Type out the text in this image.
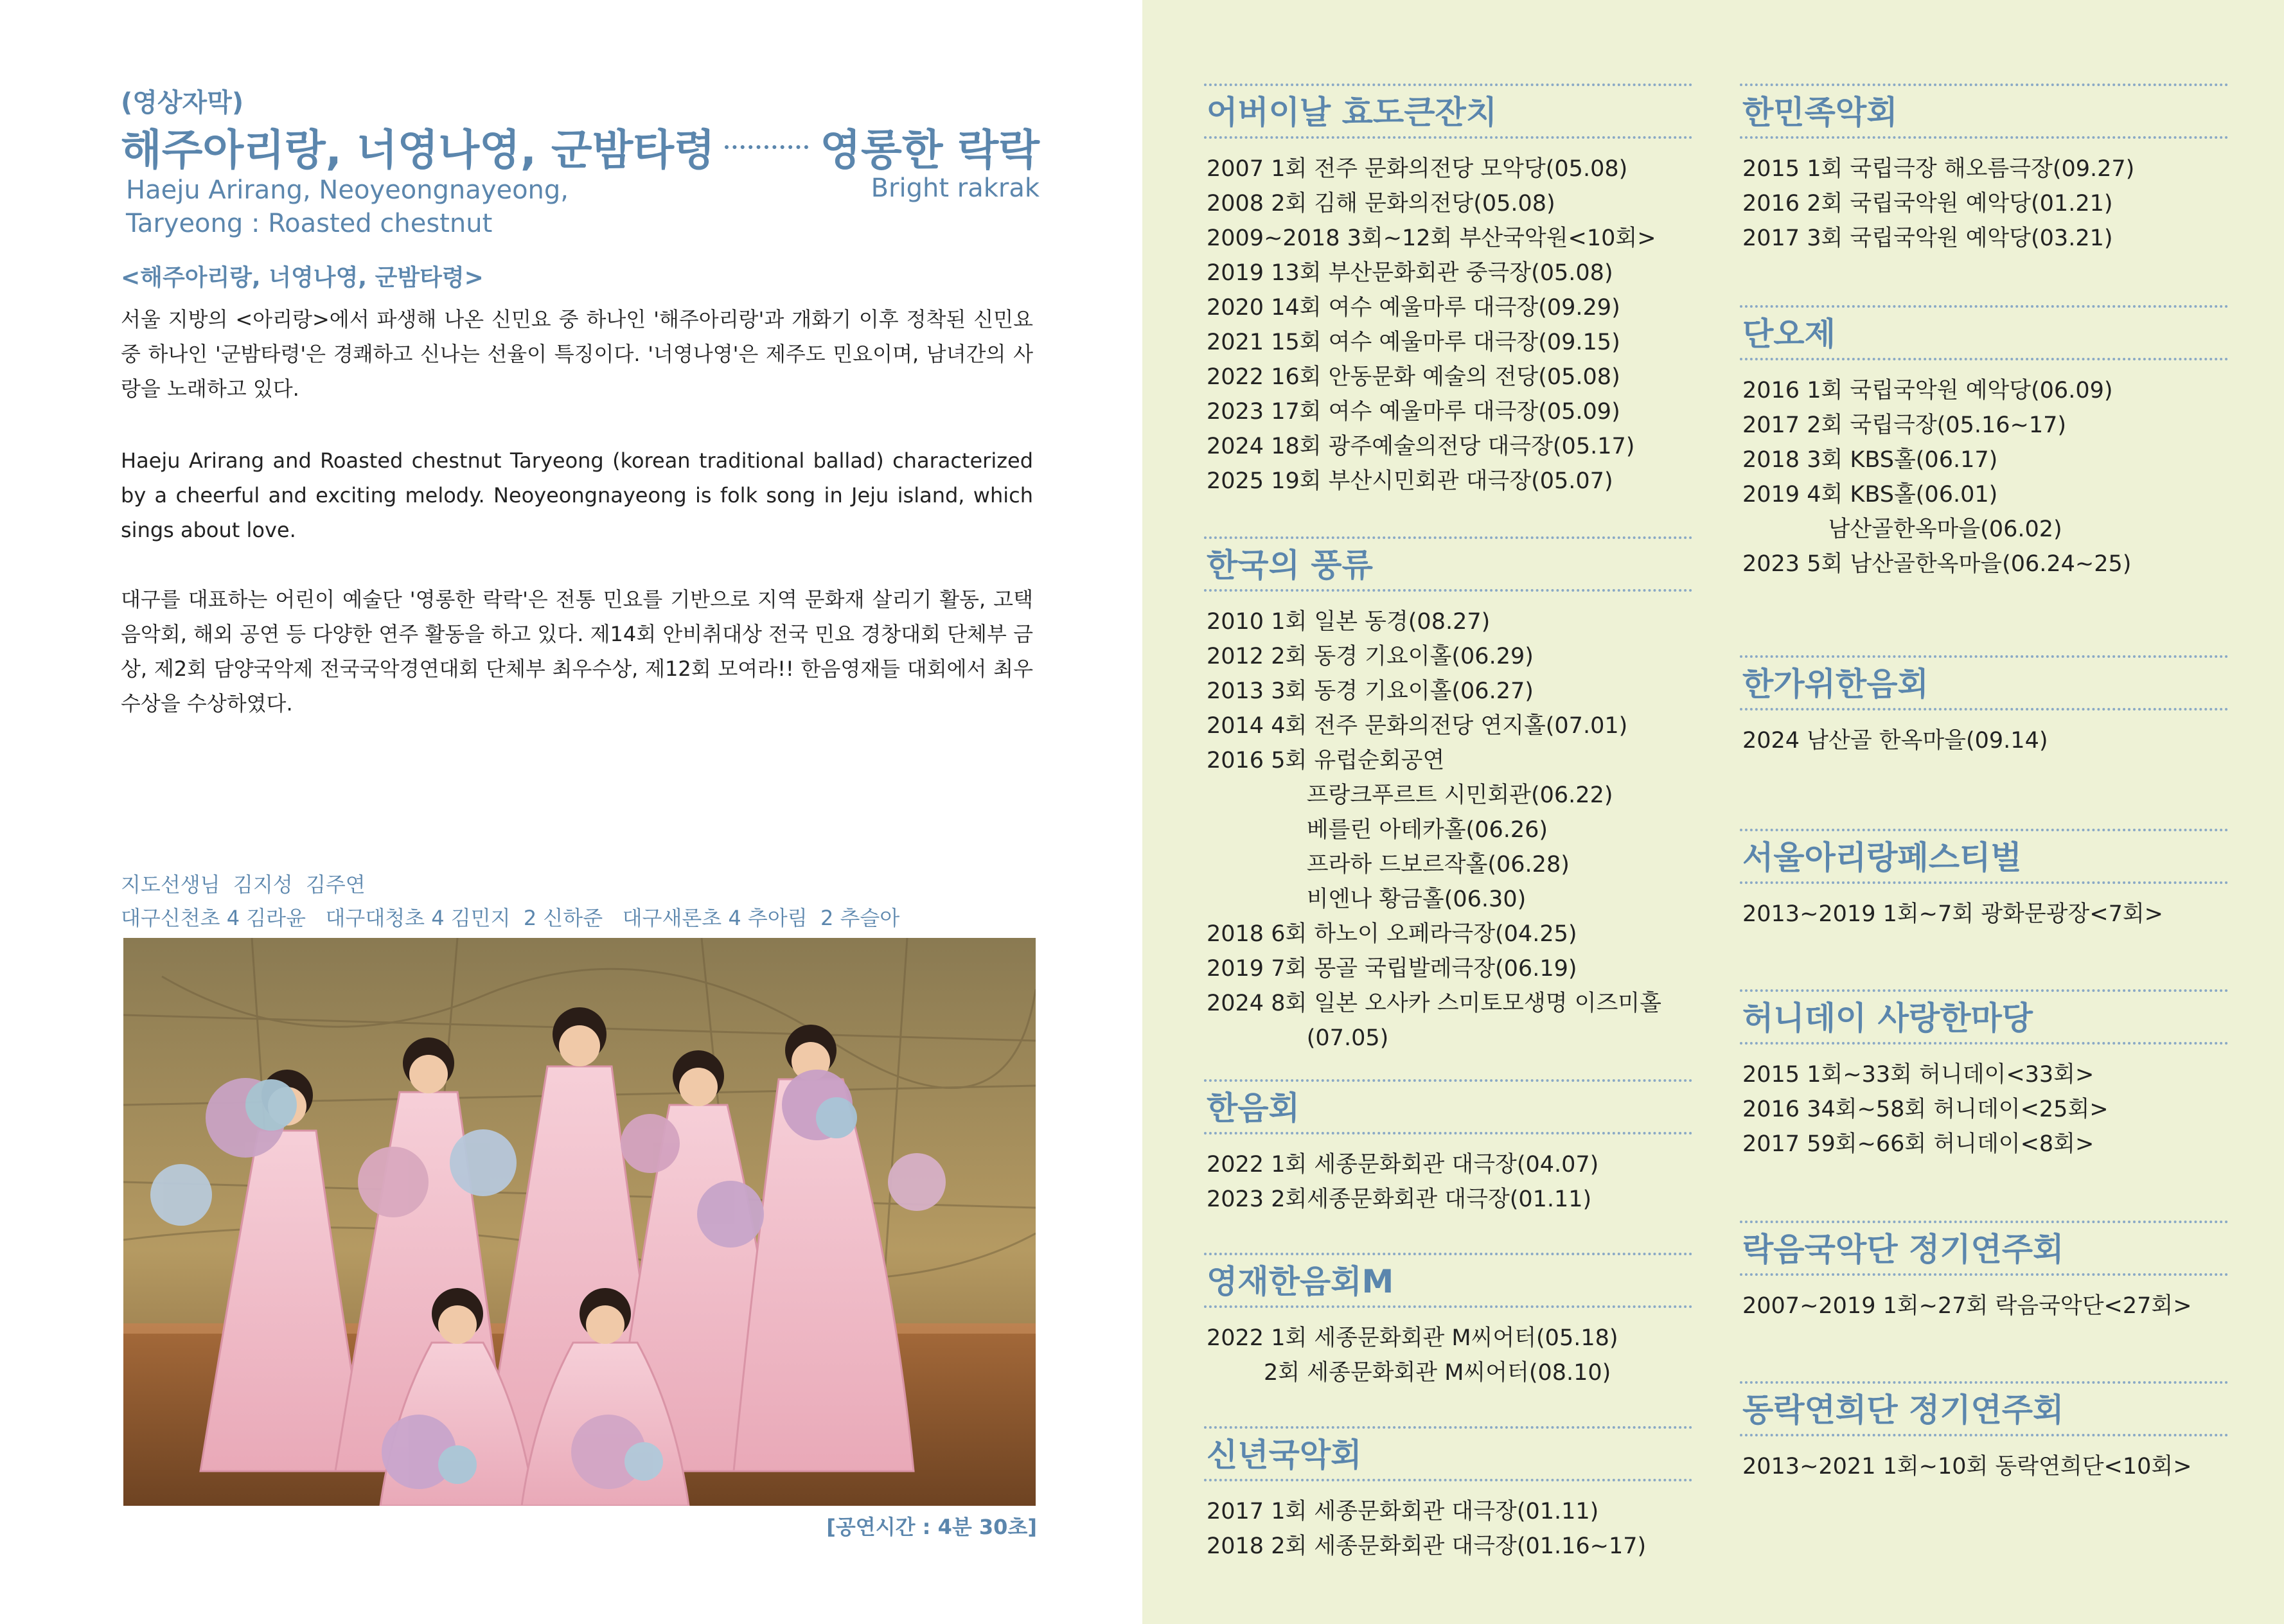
(영상자막)
해주아리랑, 너영나영, 군밤타령 영롱한 락락
Haeju Arirang, Neoyeongnayeong,
Taryeong : Roasted chestnut
Bright rakrak
<해주아리랑, 너영나영, 군밤타령>
서울 지방의 <아리랑>에서 파생해 나온 신민요 중 하나인 '해주아리랑'과 개화기 이후 정착된 신민요 중 하나인 '군밤타령'은 경쾌하고 신나는 선율이 특징이다. '너영나영'은 제주도 민요이며, 남녀간의 사랑을 노래하고 있다.
Haeju Arirang and Roasted chestnut Taryeong (korean traditional ballad) characterized by a cheerful and exciting melody. Neoyeongnayeong is folk song in Jeju island, which sings about love.
대구를 대표하는 어린이 예술단 '영롱한 락락'은 전통 민요를 기반으로 지역 문화재 살리기 활동, 고택 음악회, 해외 공연 등 다양한 연주 활동을 하고 있다. 제14회 안비취대상 전국 민요 경창대회 단체부 금상, 제2회 담양국악제 전국국악경연대회 단체부 최우수상, 제12회 모여라!! 한음영재들 대회에서 최우수상을 수상하였다.
지도선생님  김지성  김주연
대구신천초 4 김라윤   대구대청초 4 김민지  2 신하준   대구새론초 4 추아림  2 추슬아
[공연시간 : 4분 30초]
어버이날 효도큰잔치
2007 1회 전주 문화의전당 모악당(05.08)
2008 2회 김해 문화의전당(05.08)
2009~2018 3회~12회 부산국악원<10회>
2019 13회 부산문화회관 중극장(05.08)
2020 14회 여수 예울마루 대극장(09.29)
2021 15회 여수 예울마루 대극장(09.15)
2022 16회 안동문화 예술의 전당(05.08)
2023 17회 여수 예울마루 대극장(05.09)
2024 18회 광주예술의전당 대극장(05.17)
2025 19회 부산시민회관 대극장(05.07)
한국의 풍류
2010 1회 일본 동경(08.27)
2012 2회 동경 기요이홀(06.29)
2013 3회 동경 기요이홀(06.27)
2014 4회 전주 문화의전당 연지홀(07.01)
2016 5회 유럽순회공연
프랑크푸르트 시민회관(06.22)
베를린 아테카홀(06.26)
프라하 드보르작홀(06.28)
비엔나 황금홀(06.30)
2018 6회 하노이 오페라극장(04.25)
2019 7회 몽골 국립발레극장(06.19)
2024 8회 일본 오사카 스미토모생명 이즈미홀
(07.05)
한음회
2022 1회 세종문화회관 대극장(04.07)
2023 2회세종문화회관 대극장(01.11)
영재한음회M
2022 1회 세종문화회관 M씨어터(05.18)
2회 세종문화회관 M씨어터(08.10)
신년국악회
2017 1회 세종문화회관 대극장(01.11)
2018 2회 세종문화회관 대극장(01.16~17)
한민족악회
2015 1회 국립극장 해오름극장(09.27)
2016 2회 국립국악원 예악당(01.21)
2017 3회 국립국악원 예악당(03.21)
단오제
2016 1회 국립국악원 예악당(06.09)
2017 2회 국립극장(05.16~17)
2018 3회 KBS홀(06.17)
2019 4회 KBS홀(06.01)
남산골한옥마을(06.02)
2023 5회 남산골한옥마을(06.24~25)
한가위한음회
2024 남산골 한옥마을(09.14)
서울아리랑페스티벌
2013~2019 1회~7회 광화문광장<7회>
허니데이 사랑한마당
2015 1회~33회 허니데이<33회>
2016 34회~58회 허니데이<25회>
2017 59회~66회 허니데이<8회>
락음국악단 정기연주회
2007~2019 1회~27회 락음국악단<27회>
동락연희단 정기연주회
2013~2021 1회~10회 동락연희단<10회>
